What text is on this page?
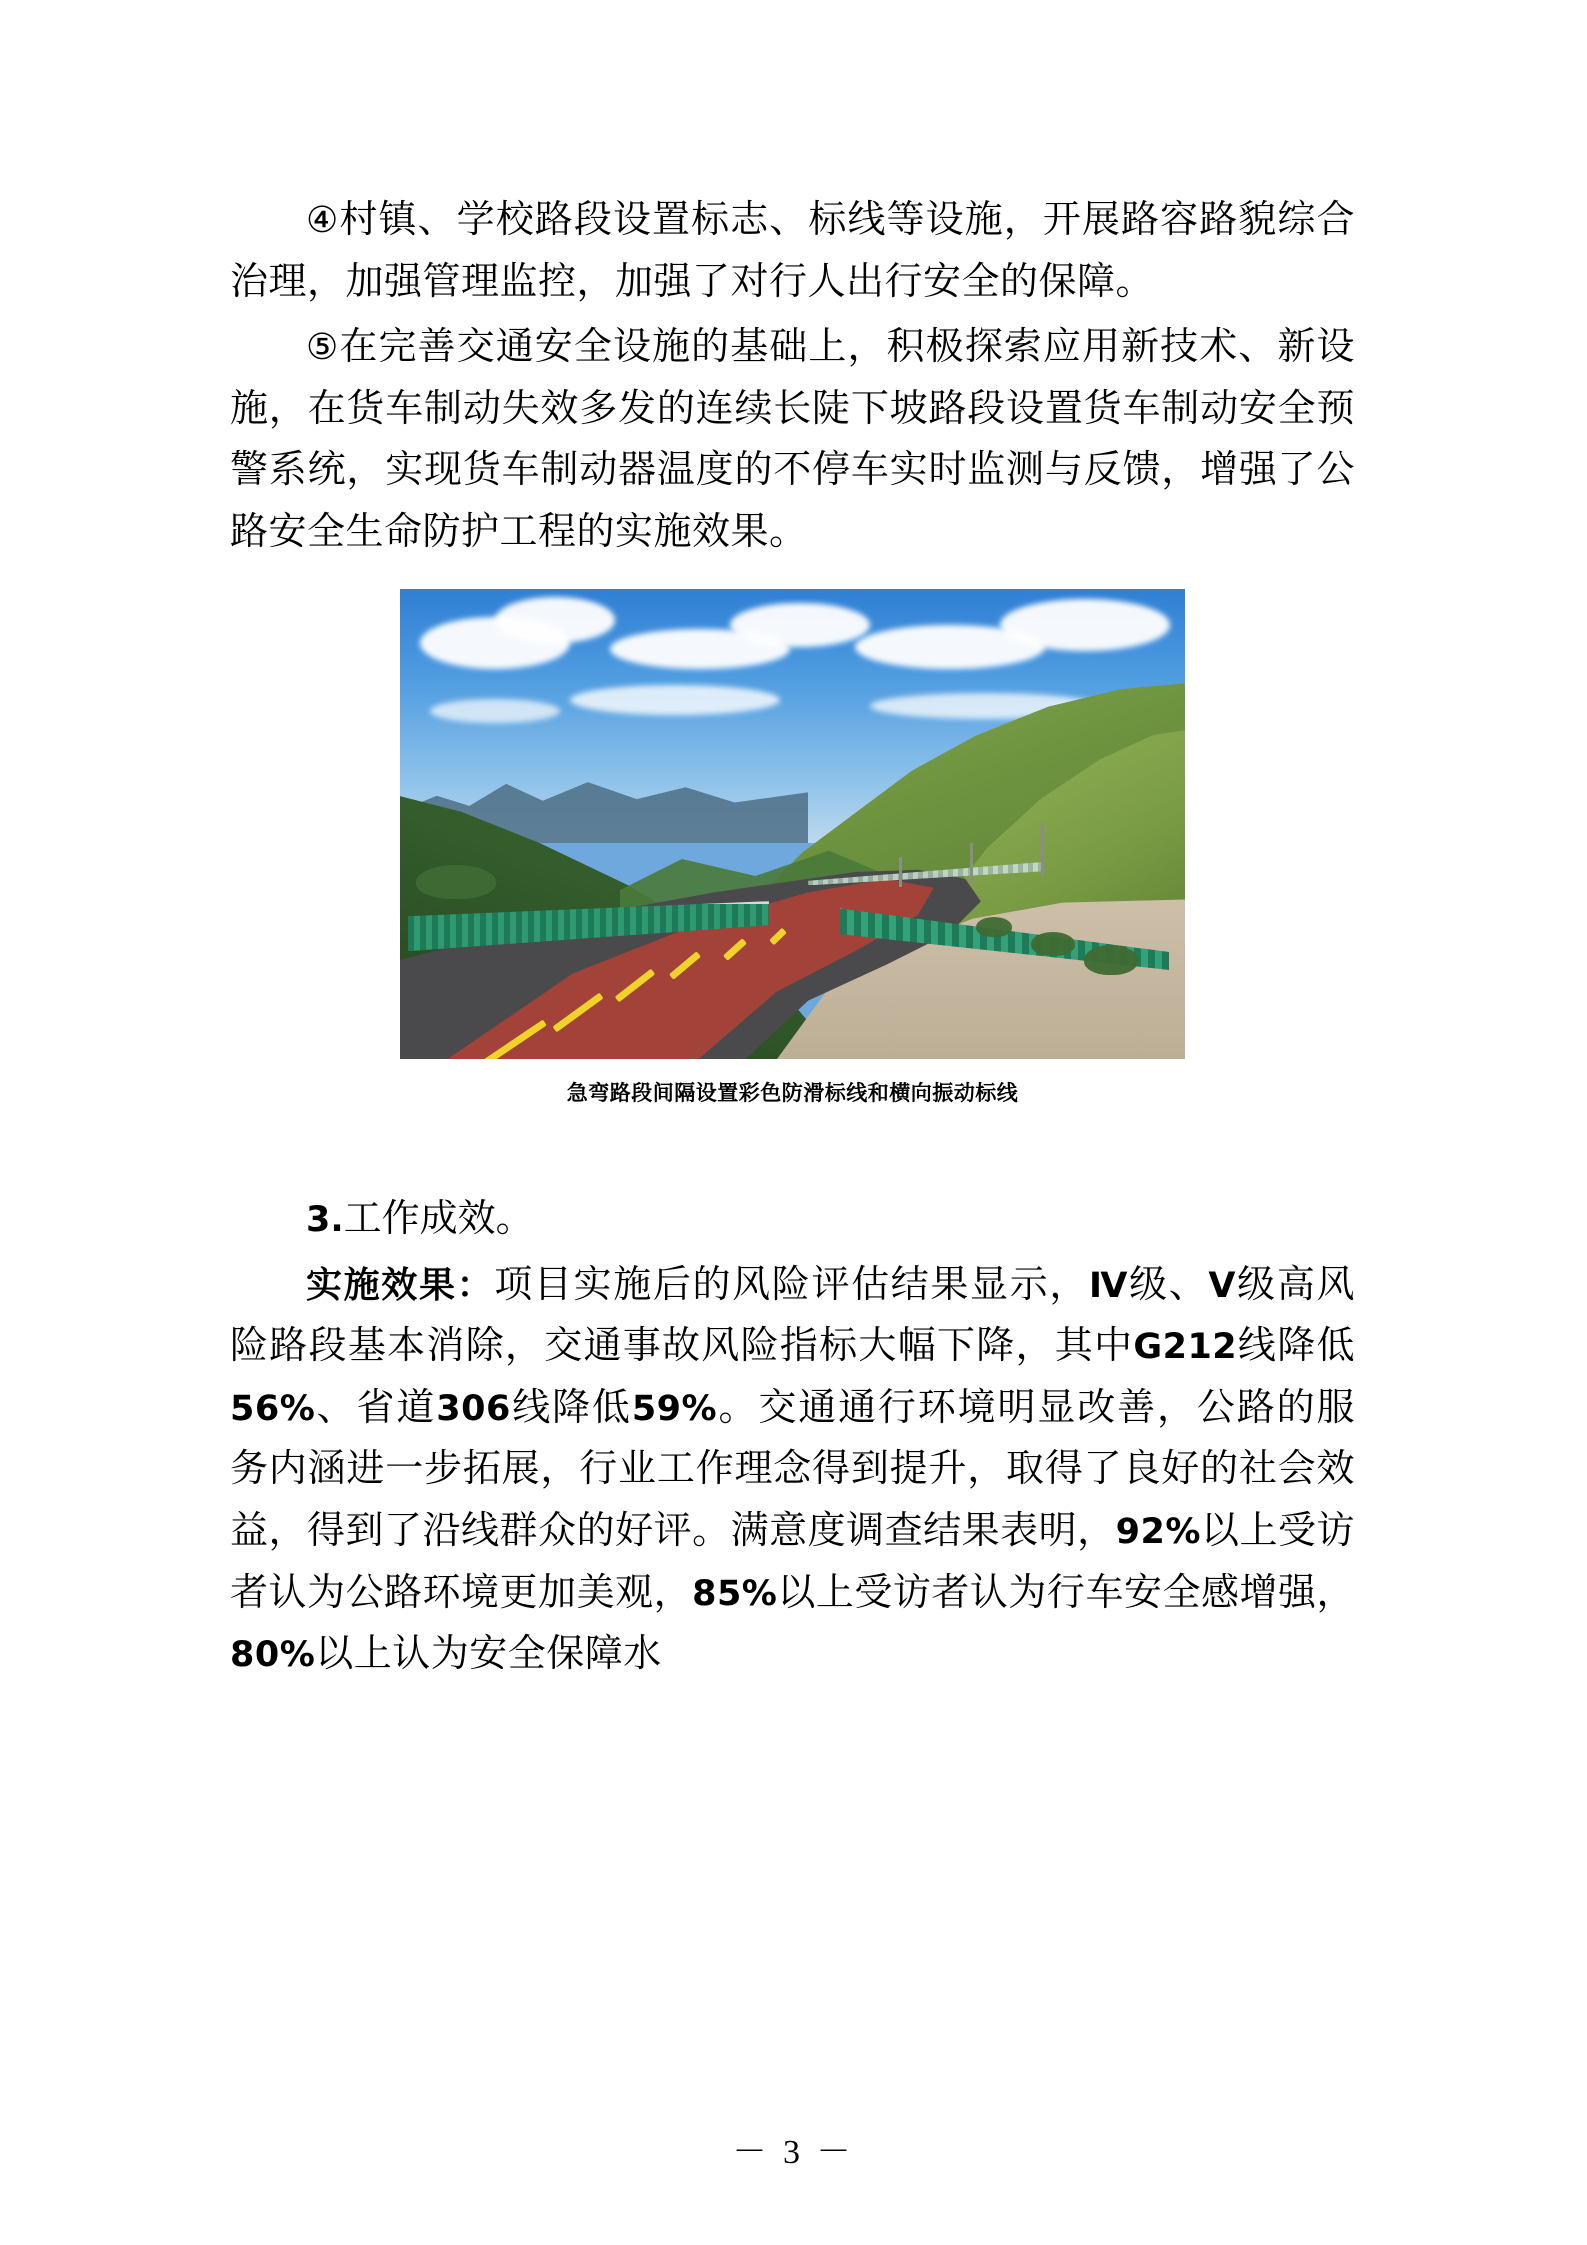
④村镇、学校路段设置标志、标线等设施，开展路容路貌综合治理，加强管理监控，加强了对行人出行安全的保障。

⑤在完善交通安全设施的基础上，积极探索应用新技术、新设施，在货车制动失效多发的连续长陡下坡路段设置货车制动安全预警系统，实现货车制动器温度的不停车实时监测与反馈，增强了公路安全生命防护工程的实施效果。

急弯路段间隔设置彩色防滑标线和横向振动标线

3.工作成效。

实施效果：项目实施后的风险评估结果显示，Ⅳ级、Ⅴ级高风险路段基本消除，交通事故风险指标大幅下降，其中G212线降低56%、省道306线降低59%。交通通行环境明显改善，公路的服务内涵进一步拓展，行业工作理念得到提升，取得了良好的社会效益，得到了沿线群众的好评。满意度调查结果表明，92%以上受访者认为公路环境更加美观，85%以上受访者认为行车安全感增强，80%以上认为安全保障水

－ 3 －
